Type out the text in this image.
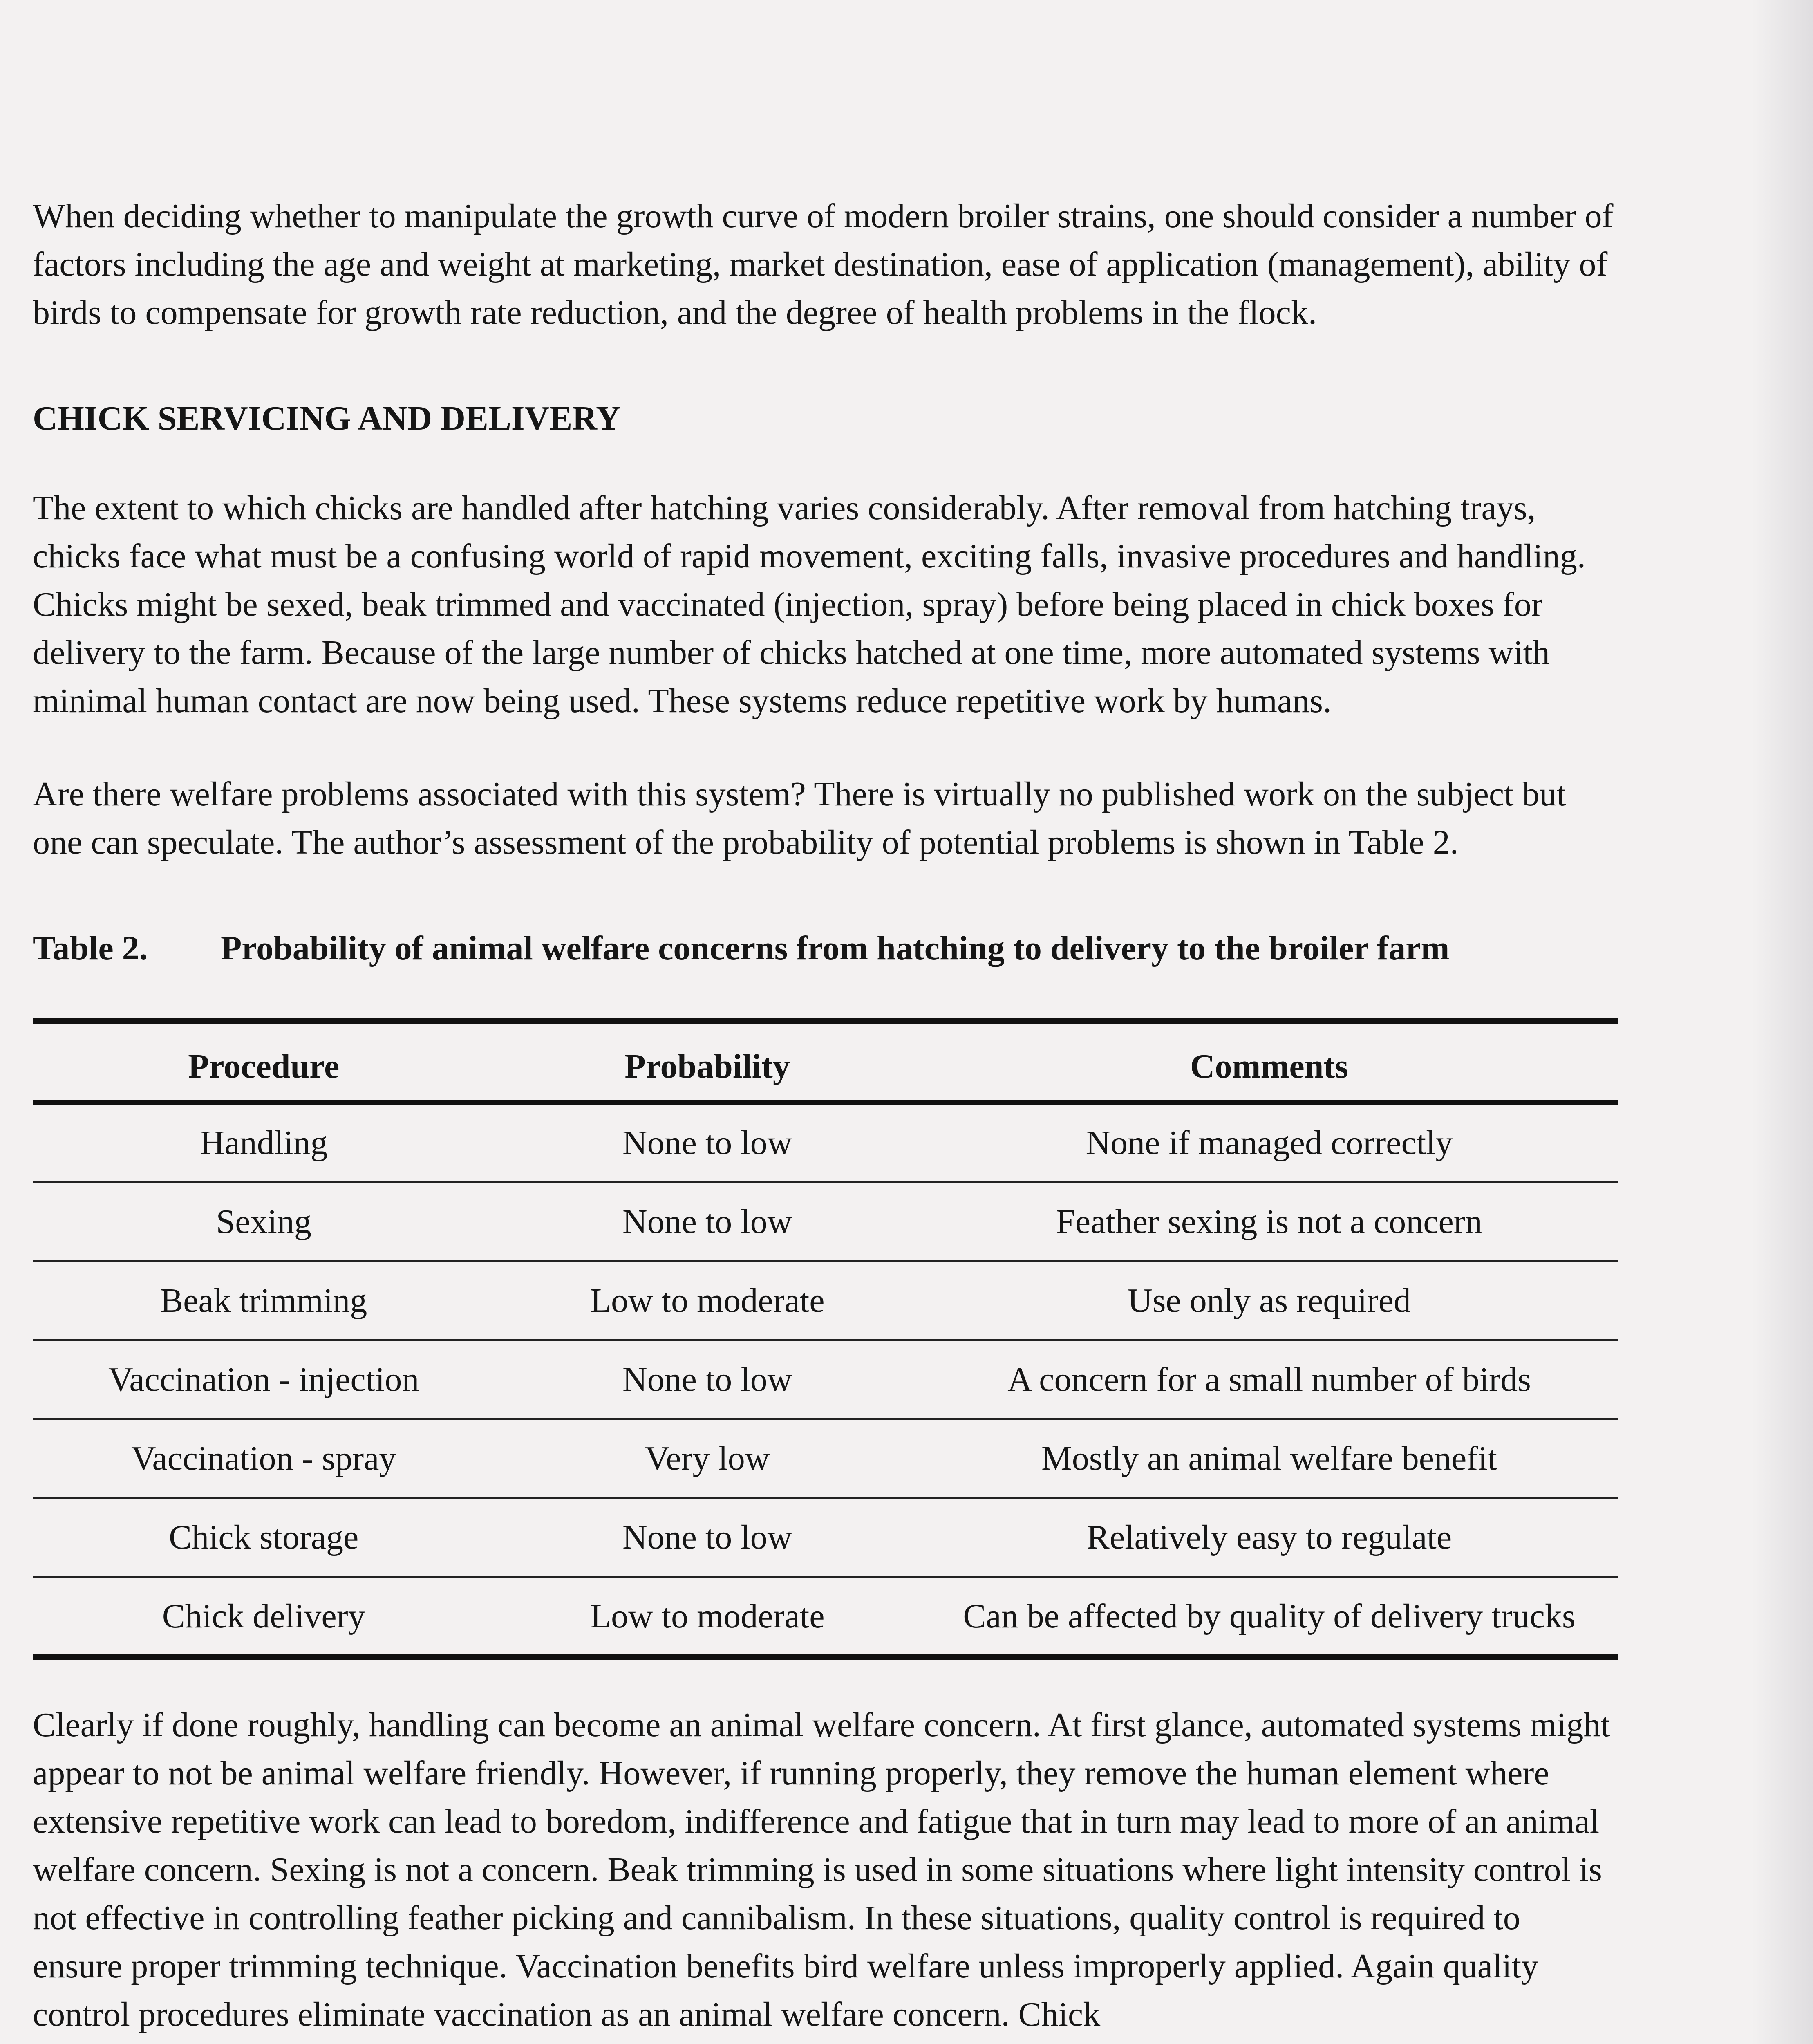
When deciding whether to manipulate the growth curve of modern broiler strains, one should consider a number of factors including the age and weight at marketing, market destination, ease of application (management), ability of birds to compensate for growth rate reduction, and the degree of health problems in the flock.

CHICK SERVICING AND DELIVERY

The extent to which chicks are handled after hatching varies considerably. After removal from hatching trays, chicks face what must be a confusing world of rapid movement, exciting falls, invasive procedures and handling. Chicks might be sexed, beak trimmed and vaccinated (injection, spray) before being placed in chick boxes for delivery to the farm. Because of the large number of chicks hatched at one time, more automated systems with minimal human contact are now being used. These systems reduce repetitive work by humans.

Are there welfare problems associated with this system? There is virtually no published work on the subject but one can speculate. The author’s assessment of the probability of potential problems is shown in Table 2.

Table 2.	Probability of animal welfare concerns from hatching to delivery to the broiler farm
Procedure	Probability	Comments
Handling	None to low	None if managed correctly
Sexing	None to low	Feather sexing is not a concern
Beak trimming	Low to moderate	Use only as required
Vaccination - injection	None to low	A concern for a small number of birds
Vaccination - spray	Very low	Mostly an animal welfare benefit
Chick storage	None to low	Relatively easy to regulate
Chick delivery	Low to moderate	Can be affected by quality of delivery trucks

Clearly if done roughly, handling can become an animal welfare concern. At first glance, automated systems might appear to not be animal welfare friendly. However, if running properly, they remove the human element where extensive repetitive work can lead to boredom, indifference and fatigue that in turn may lead to more of an animal welfare concern. Sexing is not a concern. Beak trimming is used in some situations where light intensity control is not effective in controlling feather picking and cannibalism. In these situations, quality control is required to ensure proper trimming technique. Vaccination benefits bird welfare unless improperly applied. Again quality control procedures eliminate vaccination as an animal welfare concern. Chick
